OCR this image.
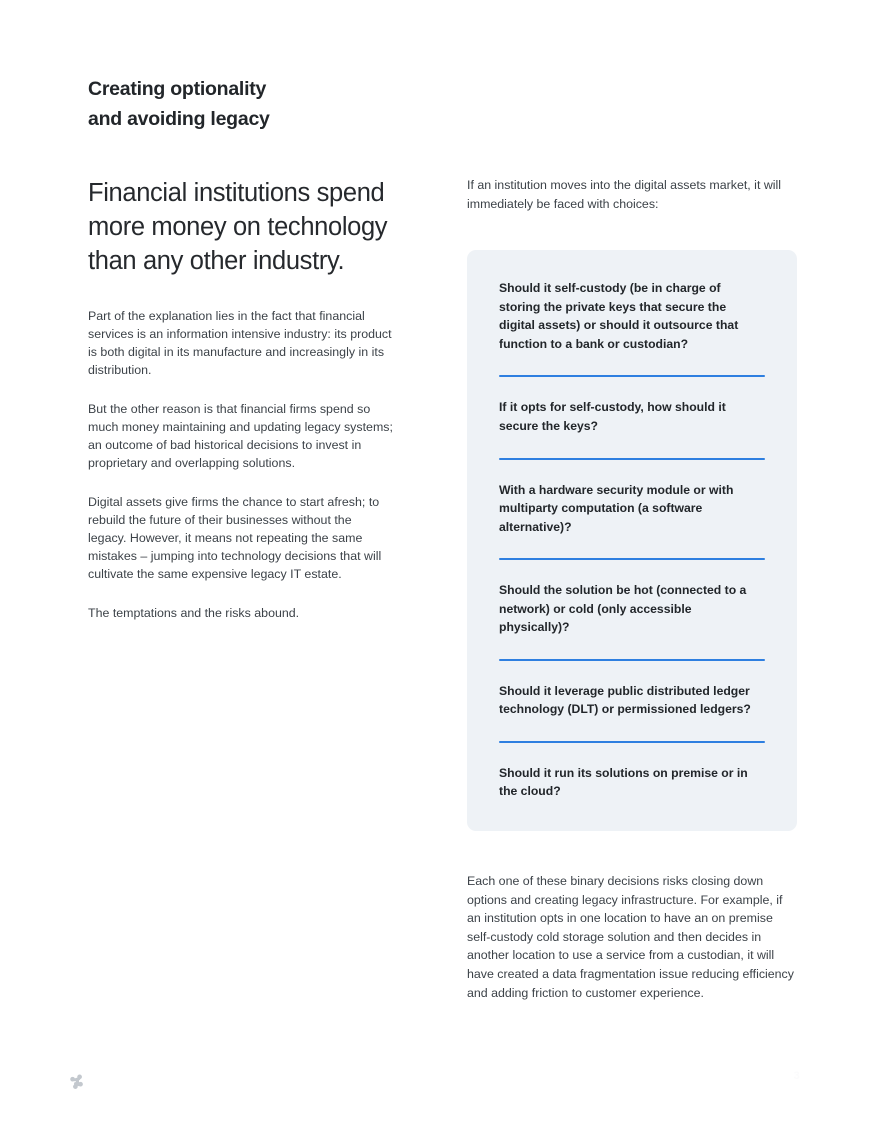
Creating optionality
and avoiding legacy
Financial institutions spend more money on technology than any other industry.

Part of the explanation lies in the fact that financial services is an information intensive industry: its product is both digital in its manufacture and increasingly in its distribution.

But the other reason is that financial firms spend so much money maintaining and updating legacy systems; an outcome of bad historical decisions to invest in proprietary and overlapping solutions.

Digital assets give firms the chance to start afresh; to rebuild the future of their businesses without the legacy. However, it means not repeating the same mistakes – jumping into technology decisions that will cultivate the same expensive legacy IT estate.

The temptations and the risks abound.

If an institution moves into the digital assets market, it will immediately be faced with choices:

Should it self-custody (be in charge of storing the private keys that secure the digital assets) or should it outsource that function to a bank or custodian?
If it opts for self-custody, how should it secure the keys?
With a hardware security module or with multiparty computation (a software alternative)?
Should the solution be hot (connected to a network) or cold (only accessible physically)?
Should it leverage public distributed ledger technology (DLT) or permissioned ledgers?
Should it run its solutions on premise or in the cloud?

Each one of these binary decisions risks closing down options and creating legacy infrastructure. For example, if an institution opts in one location to have an on premise self-custody cold storage solution and then decides in another location to use a service from a custodian, it will have created a data fragmentation issue reducing efficiency and adding friction to customer experience.

3
